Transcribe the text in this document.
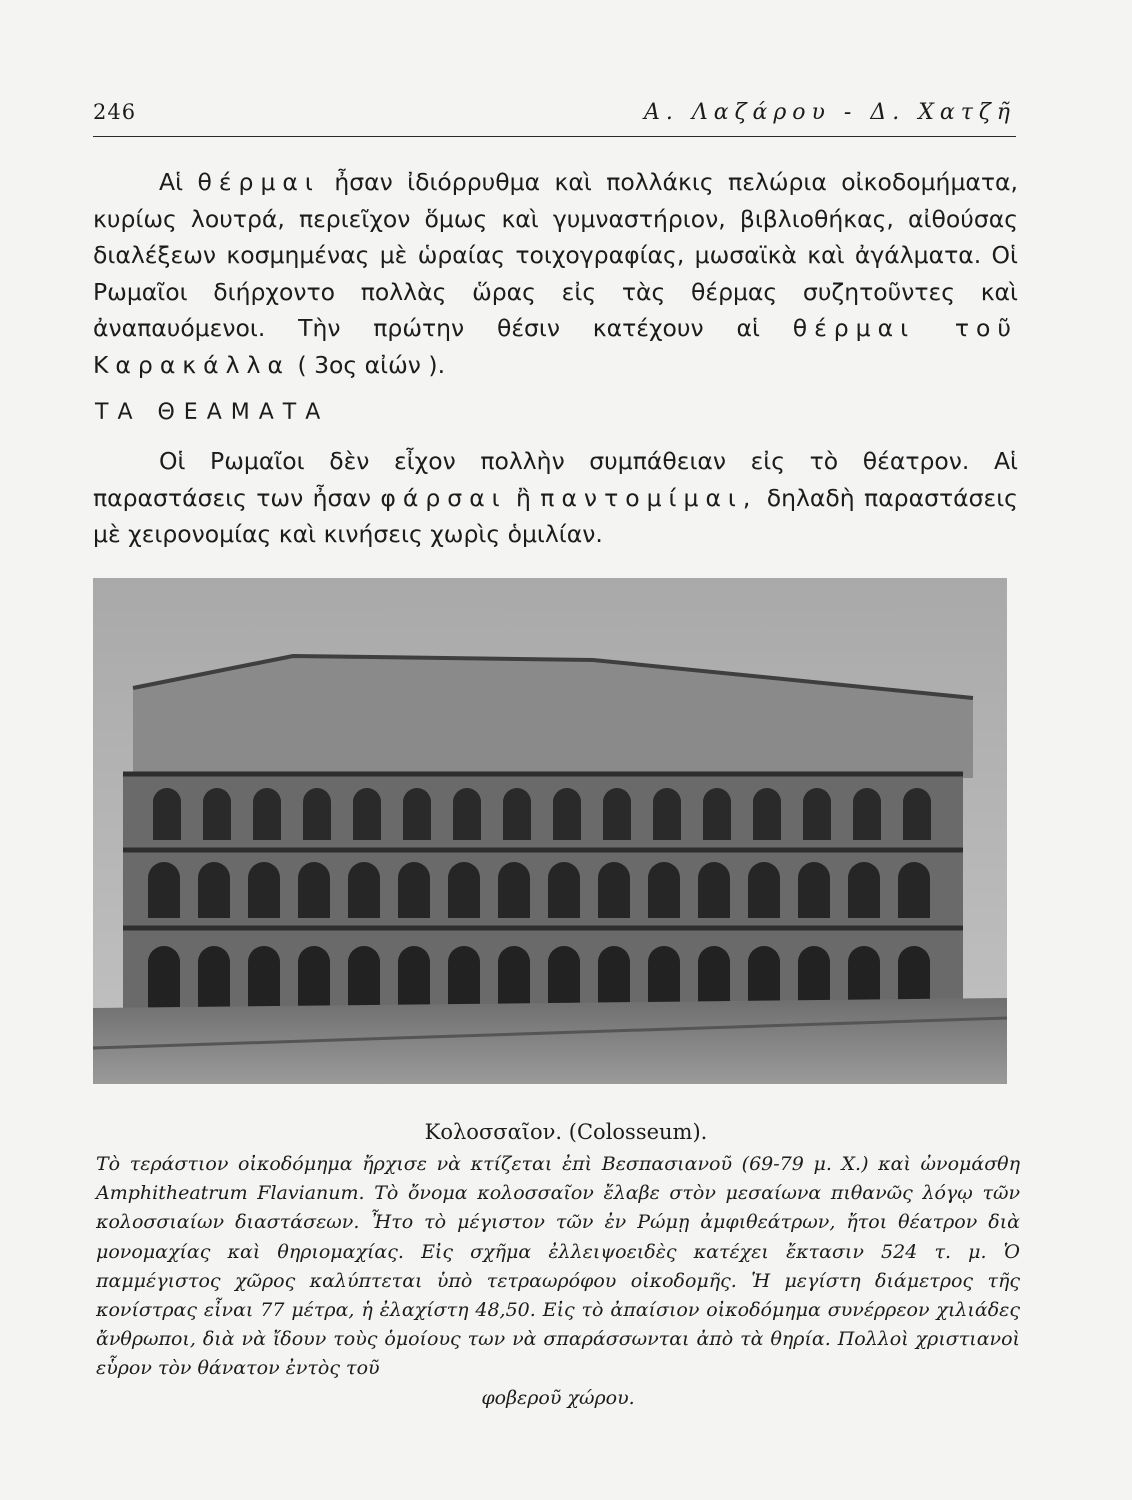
246	Α. Λαζάρου - Δ. Χατζῆ

Αἱ θέρμαι ἦσαν ἰδιόρρυθμα καὶ πολλάκις πελώρια οἰκοδομήματα, κυρίως λουτρά, περιεῖχον ὅμως καὶ γυμναστήριον, βιβλιοθήκας, αἰθούσας διαλέξεων κοσμημένας μὲ ὡραίας τοιχογραφίας, μωσαϊκὰ καὶ ἀγάλματα. Οἱ Ρωμαῖοι διήρχοντο πολλὰς ὥρας εἰς τὰς θέρμας συζητοῦντες καὶ ἀναπαυόμενοι. Τὴν πρώτην θέσιν κατέχουν αἱ θέρμαι τοῦ Καρακάλλα ( 3ος αἰών ).

ΤΑ ΘΕΑΜΑΤΑ

Οἱ Ρωμαῖοι δὲν εἶχον πολλὴν συμπάθειαν εἰς τὸ θέατρον. Αἱ παραστάσεις των ἦσαν φάρσαι ἢ παντομίμαι, δηλαδὴ παραστάσεις μὲ χειρονομίας καὶ κινήσεις χωρὶς ὁμιλίαν.

Κολοσσαῖον. (Colosseum).

Τὸ τεράστιον οἰκοδόμημα ἤρχισε νὰ κτίζεται ἐπὶ Βεσπασιανοῦ (69-79 μ. Χ.) καὶ ὠνομάσθη Amphitheatrum Flavianum. Τὸ ὄνομα κολοσσαῖον ἔλαβε στὸν μεσαίωνα πιθανῶς λόγῳ τῶν κολοσσιαίων διαστάσεων. Ἦτο τὸ μέγιστον τῶν ἐν Ρώμῃ ἀμφιθεάτρων, ἤτοι θέατρον διὰ μονομαχίας καὶ θηριομαχίας. Εἰς σχῆμα ἐλλειψοειδὲς κατέχει ἔκτασιν 524 τ. μ. Ὁ παμμέγιστος χῶρος καλύπτεται ὑπὸ τετραωρόφου οἰκοδομῆς. Ἡ μεγίστη διάμετρος τῆς κονίστρας εἶναι 77 μέτρα, ἡ ἐλαχίστη 48,50. Εἰς τὸ ἀπαίσιον οἰκοδόμημα συνέρρεον χιλιάδες ἄνθρωποι, διὰ νὰ ἴδουν τοὺς ὁμοίους των νὰ σπαράσσωνται ἀπὸ τὰ θηρία. Πολλοὶ χριστιανοὶ εὗρον τὸν θάνατον ἐντὸς τοῦ
φοβεροῦ χώρου.
